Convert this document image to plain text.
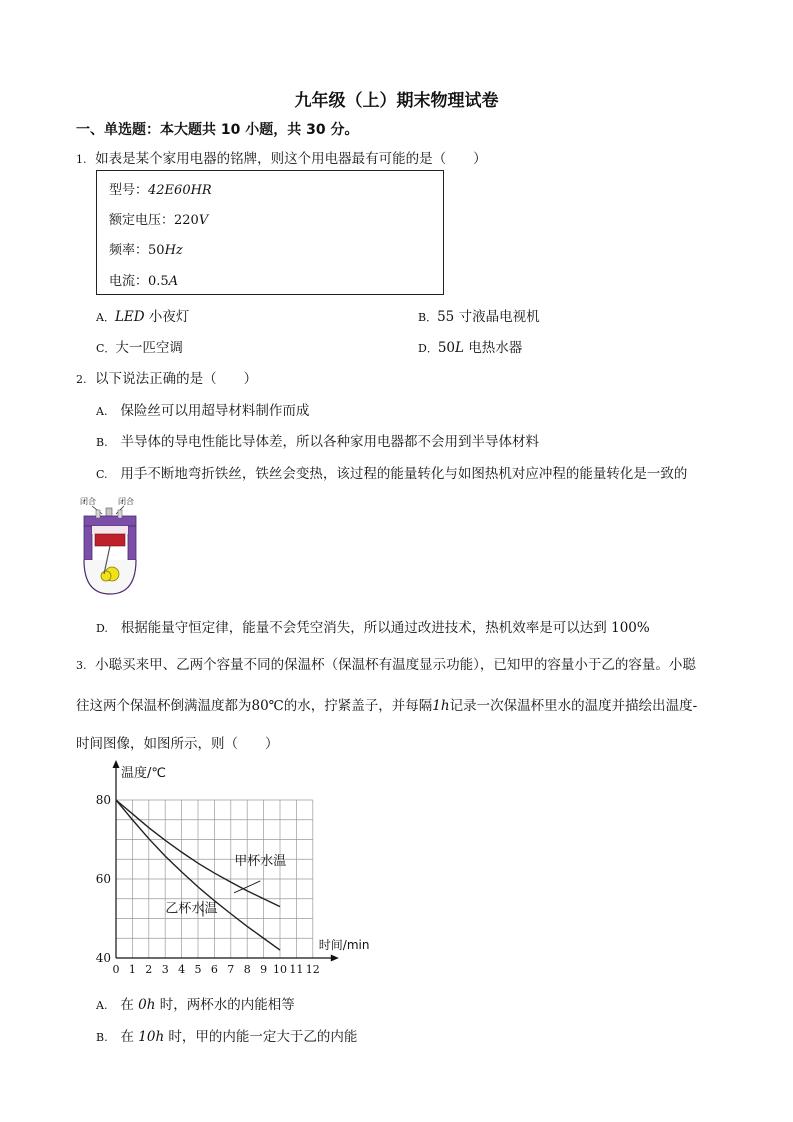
九年级（上）期末物理试卷
一、单选题：本大题共 10 小题，共 30 分。
1. 如表是某个家用电器的铭牌，则这个用电器最有可能的是（　　）
型号：42E60HR
额定电压：220V
频率：50Hz
电流：0.5A
A．LED 小夜灯	B．55 寸液晶电视机
C．大一匹空调	D．50L 电热水器
2. 以下说法正确的是（　　）
A. 保险丝可以用超导材料制作而成
B. 半导体的导电性能比导体差，所以各种家用电器都不会用到半导体材料
C. 用手不断地弯折铁丝，铁丝会变热，该过程的能量转化与如图热机对应冲程的能量转化是一致的
闭合	闭合
D. 根据能量守恒定律，能量不会凭空消失，所以通过改进技术，热机效率是可以达到 100%
3. 小聪买来甲、乙两个容量不同的保温杯（保温杯有温度显示功能），已知甲的容量小于乙的容量。小聪
往这两个保温杯倒满温度都为80℃的水，拧紧盖子，并每隔1h记录一次保温杯里水的温度并描绘出温度-
时间图像，如图所示，则（　　）
温度/℃
时间/min
0 1 2 3 4 5 6 7 8 9 10 11 12
40
60
80
甲杯水温
乙杯水温
A. 在 0h 时，两杯水的内能相等
B. 在 10h 时，甲的内能一定大于乙的内能
